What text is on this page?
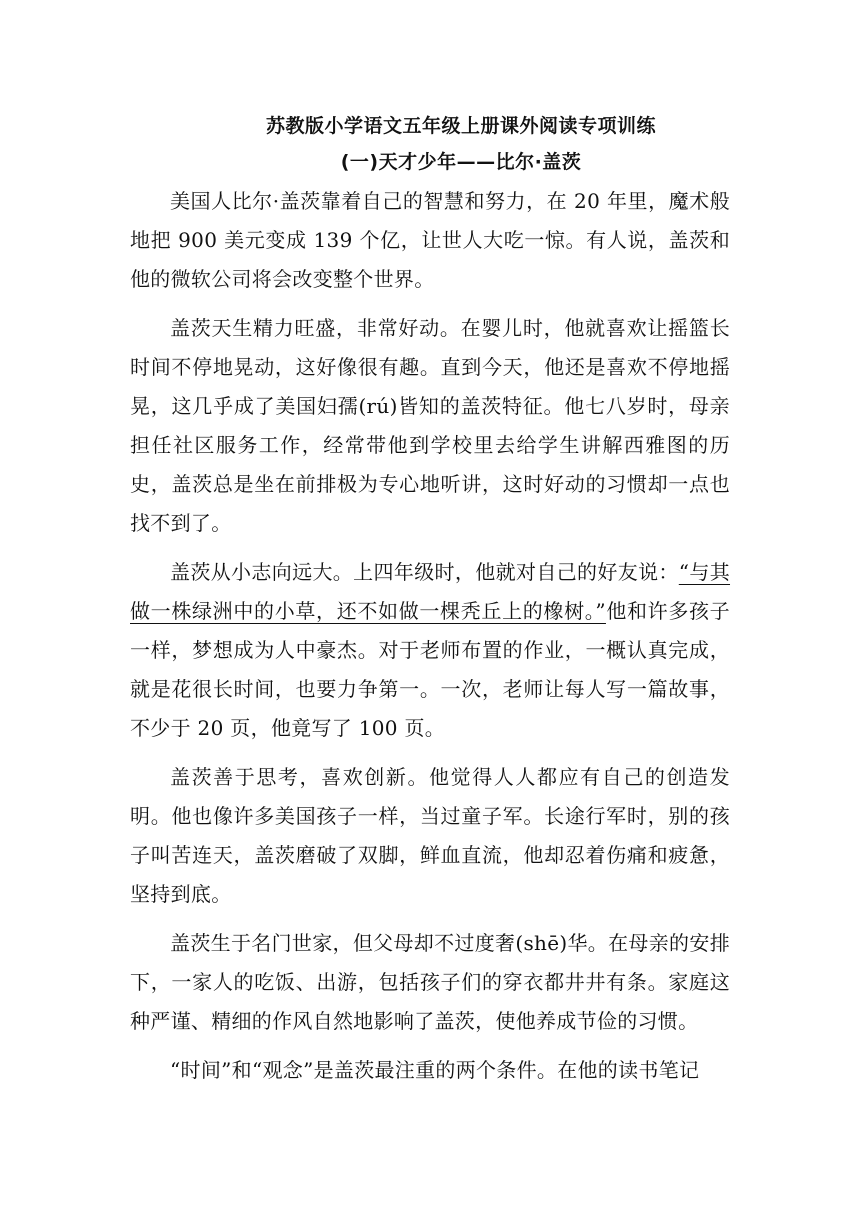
苏教版小学语文五年级上册课外阅读专项训练
(一)天才少年——比尔·盖茨

美国人比尔·盖茨靠着自己的智慧和努力，在 20 年里，魔术般地把 900 美元变成 139 个亿，让世人大吃一惊。有人说，盖茨和他的微软公司将会改变整个世界。

盖茨天生精力旺盛，非常好动。在婴儿时，他就喜欢让摇篮长时间不停地晃动，这好像很有趣。直到今天，他还是喜欢不停地摇晃，这几乎成了美国妇孺(rú)皆知的盖茨特征。他七八岁时，母亲担任社区服务工作，经常带他到学校里去给学生讲解西雅图的历史，盖茨总是坐在前排极为专心地听讲，这时好动的习惯却一点也找不到了。

盖茨从小志向远大。上四年级时，他就对自己的好友说：“与其做一株绿洲中的小草，还不如做一棵秃丘上的橡树。”他和许多孩子一样，梦想成为人中豪杰。对于老师布置的作业，一概认真完成，就是花很长时间，也要力争第一。一次，老师让每人写一篇故事，不少于 20 页，他竟写了 100 页。

盖茨善于思考，喜欢创新。他觉得人人都应有自己的创造发明。他也像许多美国孩子一样，当过童子军。长途行军时，别的孩子叫苦连天，盖茨磨破了双脚，鲜血直流，他却忍着伤痛和疲惫，坚持到底。

盖茨生于名门世家，但父母却不过度奢(shē)华。在母亲的安排下，一家人的吃饭、出游，包括孩子们的穿衣都井井有条。家庭这种严谨、精细的作风自然地影响了盖茨，使他养成节俭的习惯。

“时间”和“观念”是盖茨最注重的两个条件。在他的读书笔记
